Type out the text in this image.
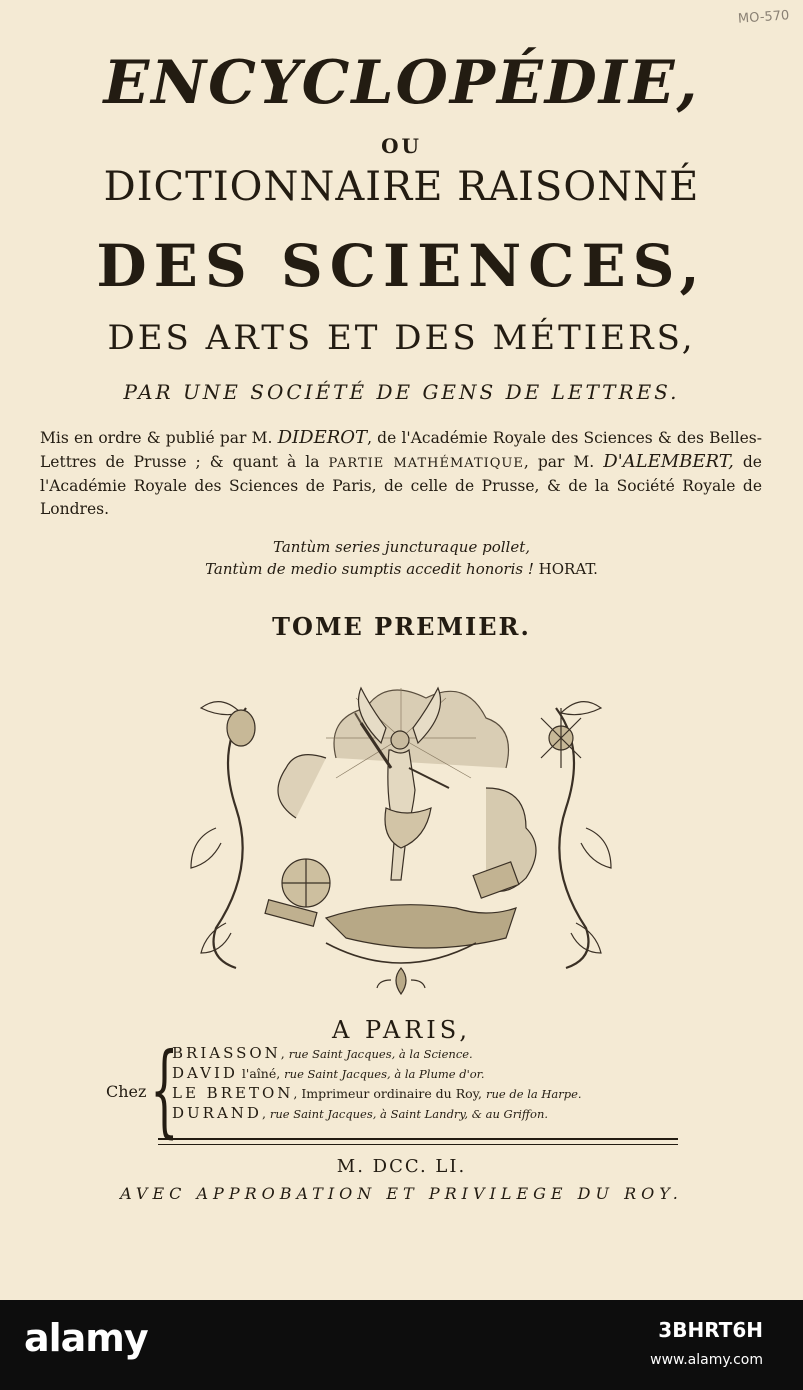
MO-570
ENCYCLOPÉDIE,
OU
DICTIONNAIRE RAISONNÉ
DES SCIENCES,
DES ARTS ET DES MÉTIERS,
PAR UNE SOCIÉTÉ DE GENS DE LETTRES.
Mis en ordre & publié par M. DIDEROT, de l'Académie Royale des Sciences & des Belles-Lettres de Prusse ; & quant à la PARTIE MATHÉMATIQUE, par M. D'ALEMBERT, de l'Académie Royale des Sciences de Paris, de celle de Prusse, & de la Société Royale de Londres.
Tantùm series juncturaque pollet,
Tantùm de medio sumptis accedit honoris ! HORAT.
TOME PREMIER.
A PARIS,
Chez {
BRIASSON, rue Saint Jacques, à la Science.
DAVID l'aîné, rue Saint Jacques, à la Plume d'or.
LE BRETON, Imprimeur ordinaire du Roy, rue de la Harpe.
DURAND, rue Saint Jacques, à Saint Landry, & au Griffon.
M. DCC. LI.
AVEC APPROBATION ET PRIVILEGE DU ROY.
alamy	3BHRT6H
www.alamy.com
